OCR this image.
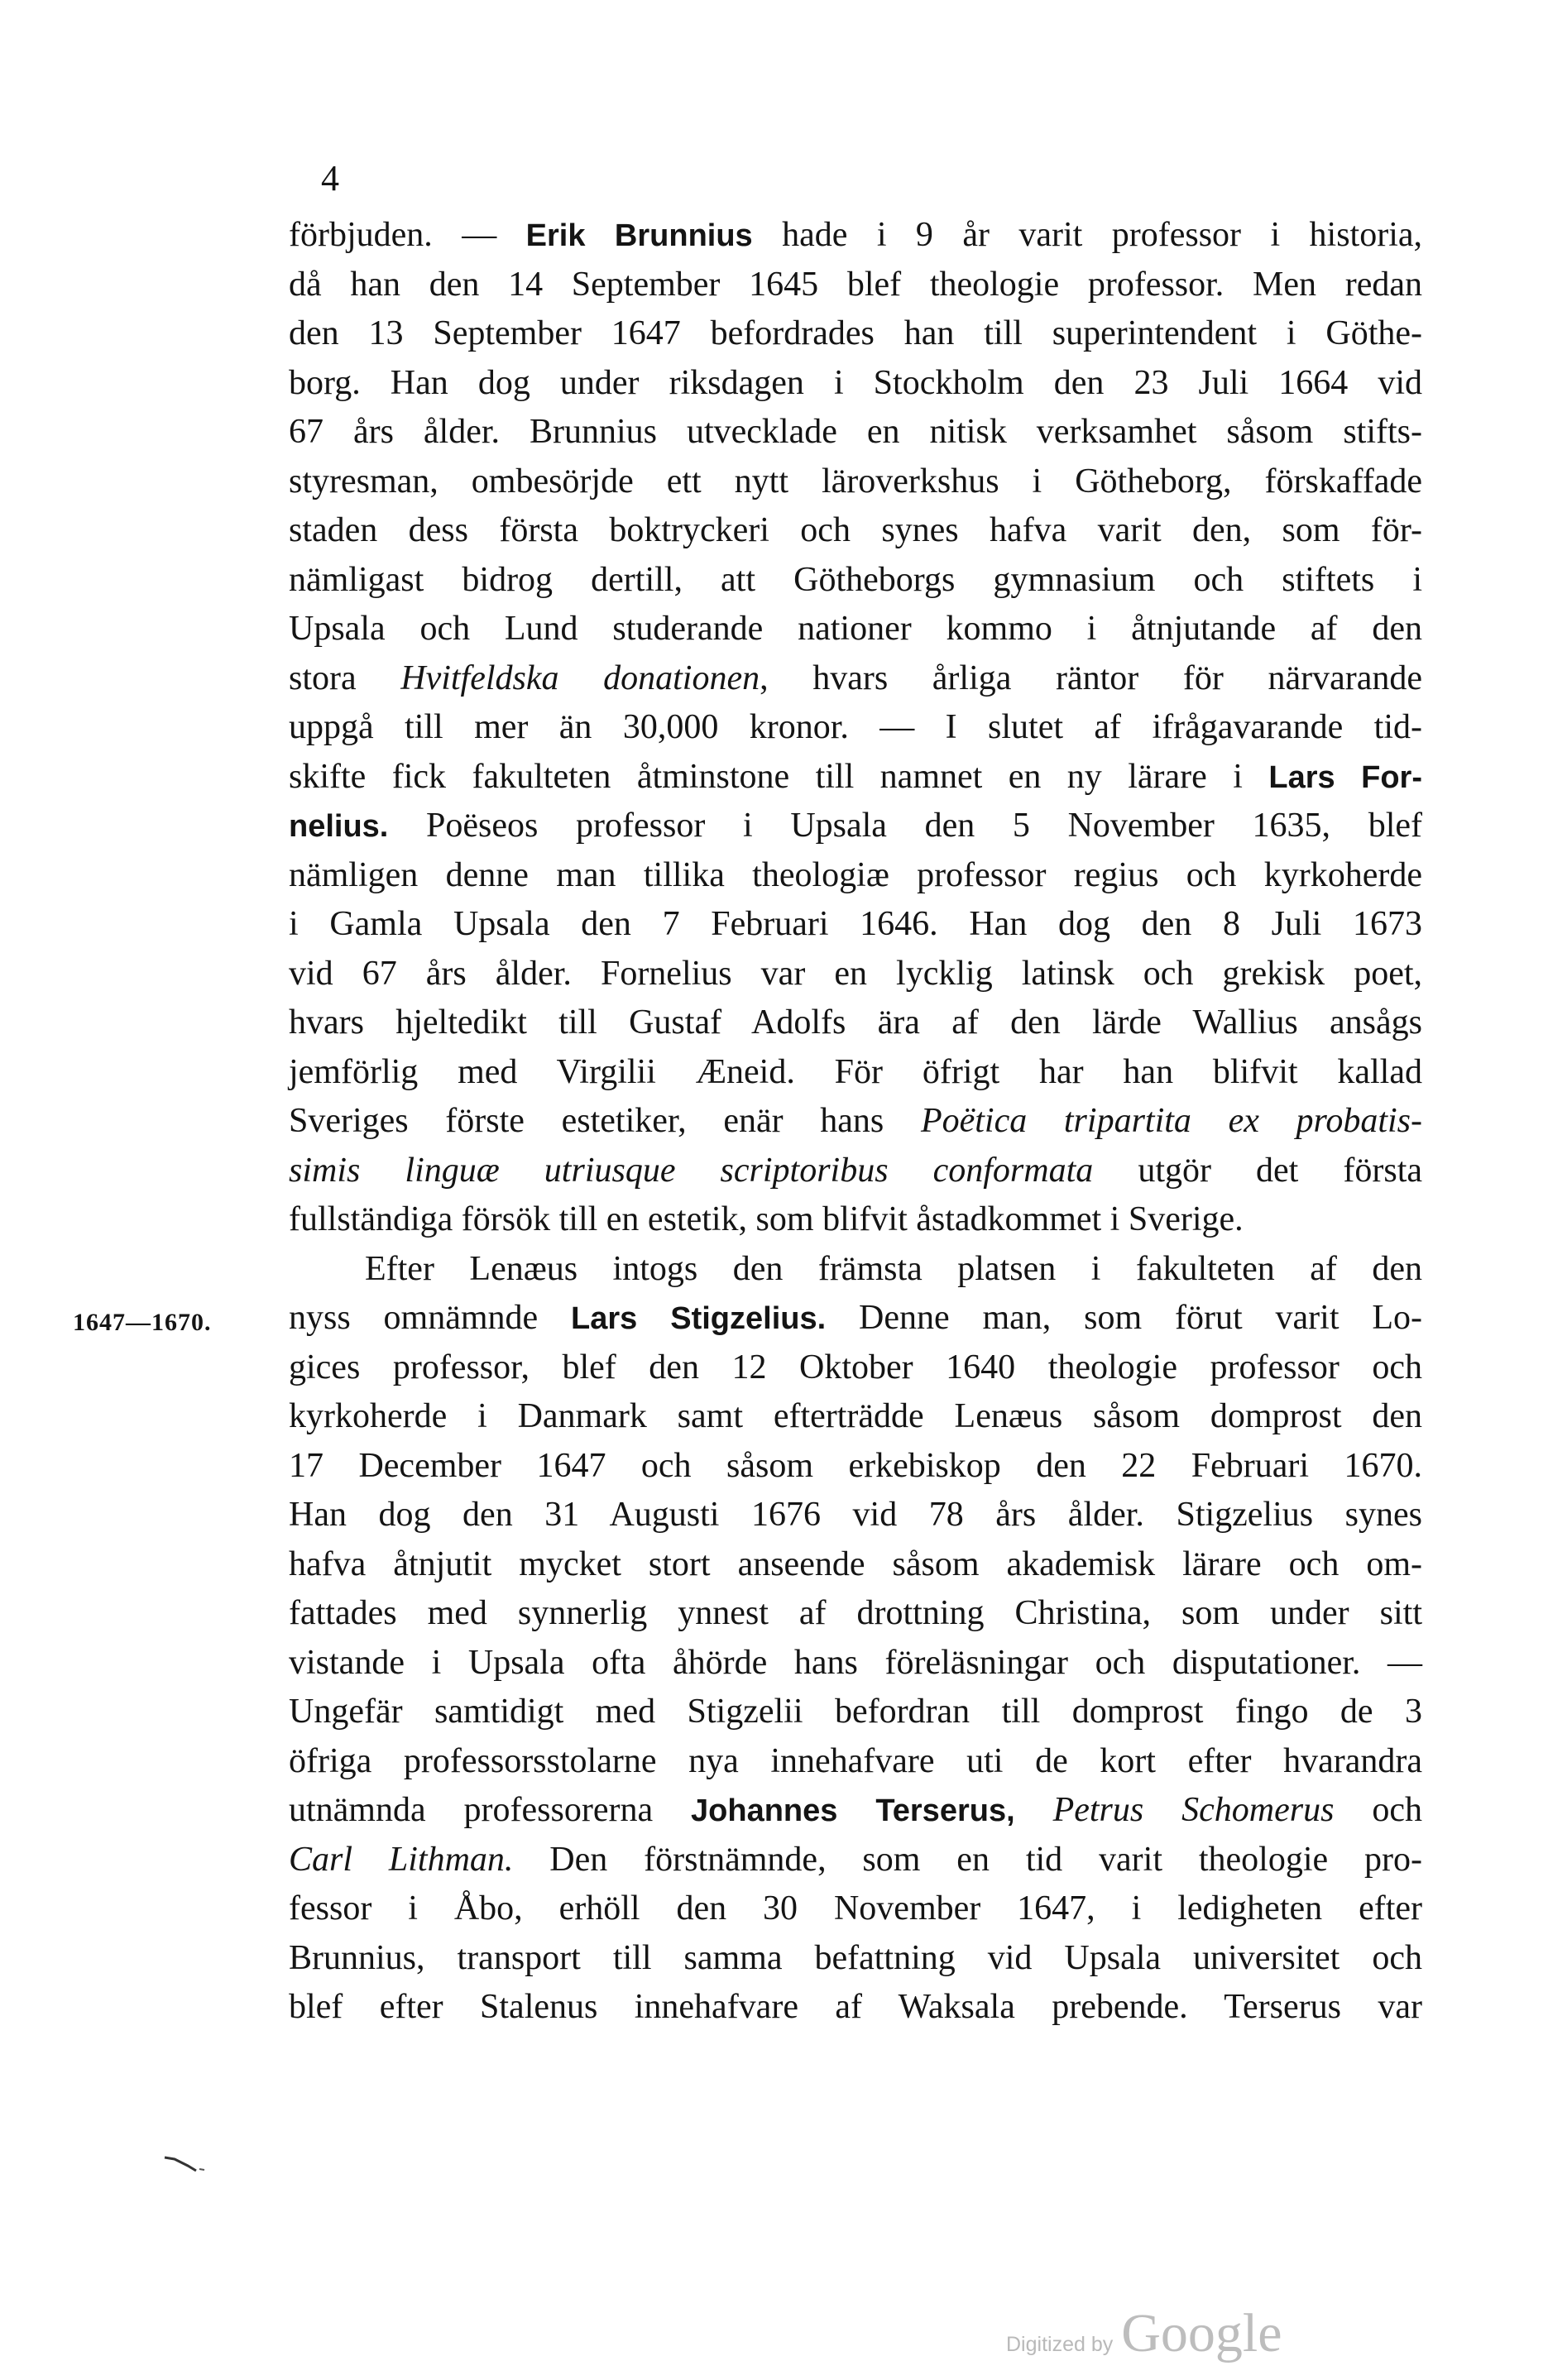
4
förbjuden. — Erik Brunnius hade i 9 år varit professor i historia,
då han den 14 September 1645 blef theologie professor. Men redan
den 13 September 1647 befordrades han till superintendent i Göthe-
borg. Han dog under riksdagen i Stockholm den 23 Juli 1664 vid
67 års ålder. Brunnius utvecklade en nitisk verksamhet såsom stifts-
styresman, ombesörjde ett nytt läroverkshus i Götheborg, förskaffade
staden dess första boktryckeri och synes hafva varit den, som för-
nämligast bidrog dertill, att Götheborgs gymnasium och stiftets i
Upsala och Lund studerande nationer kommo i åtnjutande af den
stora Hvitfeldska donationen, hvars årliga räntor för närvarande
uppgå till mer än 30,000 kronor. — I slutet af ifrågavarande tid-
skifte fick fakulteten åtminstone till namnet en ny lärare i Lars For-
nelius. Poëseos professor i Upsala den 5 November 1635, blef
nämligen denne man tillika theologiæ professor regius och kyrkoherde
i Gamla Upsala den 7 Februari 1646. Han dog den 8 Juli 1673
vid 67 års ålder. Fornelius var en lycklig latinsk och grekisk poet,
hvars hjeltedikt till Gustaf Adolfs ära af den lärde Wallius ansågs
jemförlig med Virgilii Æneid. För öfrigt har han blifvit kallad
Sveriges förste estetiker, enär hans Poëtica tripartita ex probatis-
simis linguæ utriusque scriptoribus conformata utgör det första
fullständiga försök till en estetik, som blifvit åstadkommet i Sverige.
Efter Lenæus intogs den främsta platsen i fakulteten af den
nyss omnämnde Lars Stigzelius. Denne man, som förut varit Lo-
gices professor, blef den 12 Oktober 1640 theologie professor och
kyrkoherde i Danmark samt efterträdde Lenæus såsom domprost den
17 December 1647 och såsom erkebiskop den 22 Februari 1670.
Han dog den 31 Augusti 1676 vid 78 års ålder. Stigzelius synes
hafva åtnjutit mycket stort anseende såsom akademisk lärare och om-
fattades med synnerlig ynnest af drottning Christina, som under sitt
vistande i Upsala ofta åhörde hans föreläsningar och disputationer. —
Ungefär samtidigt med Stigzelii befordran till domprost fingo de 3
öfriga professorsstolarne nya innehafvare uti de kort efter hvarandra
utnämnda professorerna Johannes Terserus, Petrus Schomerus och
Carl Lithman. Den förstnämnde, som en tid varit theologie pro-
fessor i Åbo, erhöll den 30 November 1647, i ledigheten efter
Brunnius, transport till samma befattning vid Upsala universitet och
blef efter Stalenus innehafvare af Waksala prebende. Terserus var
1647—1670.
Digitized by Google
